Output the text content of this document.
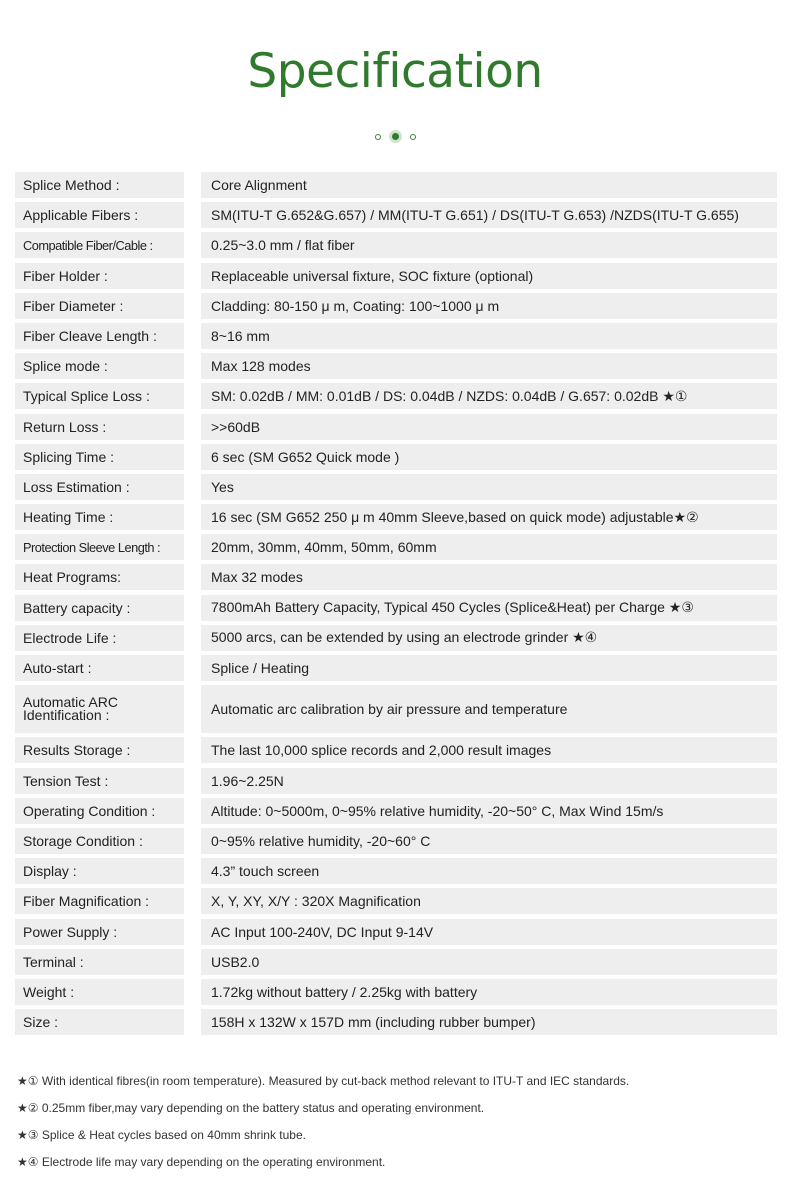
Specification
Splice Method :	Core Alignment
Applicable Fibers :	SM(ITU-T G.652&G.657) / MM(ITU-T G.651) / DS(ITU-T G.653) /NZDS(ITU-T G.655)
Compatible Fiber/Cable :	0.25~3.0 mm / flat fiber
Fiber Holder :	Replaceable universal fixture, SOC fixture (optional)
Fiber Diameter :	Cladding: 80-150 μ m, Coating: 100~1000 μ m
Fiber Cleave Length :	8~16 mm
Splice mode :	Max 128 modes
Typical Splice Loss :	SM: 0.02dB / MM: 0.01dB / DS: 0.04dB / NZDS: 0.04dB / G.657: 0.02dB ★①
Return Loss :	>>60dB
Splicing Time :	6 sec (SM G652 Quick mode )
Loss Estimation :	Yes
Heating Time :	16 sec (SM G652 250 μ m 40mm Sleeve,based on quick mode) adjustable★②
Protection Sleeve Length :	20mm, 30mm, 40mm, 50mm, 60mm
Heat Programs:	Max 32 modes
Battery capacity :	7800mAh Battery Capacity, Typical 450 Cycles (Splice&Heat) per Charge ★③
Electrode Life :	5000 arcs, can be extended by using an electrode grinder ★④
Auto-start :	Splice / Heating
Automatic ARC Identification :	Automatic arc calibration by air pressure and temperature
Results Storage :	The last 10,000 splice records and 2,000 result images
Tension Test :	1.96~2.25N
Operating Condition :	Altitude: 0~5000m, 0~95% relative humidity, -20~50° C, Max Wind 15m/s
Storage Condition :	0~95% relative humidity, -20~60° C
Display :	4.3” touch screen
Fiber Magnification :	X, Y, XY, X/Y : 320X Magnification
Power Supply :	AC Input 100-240V, DC Input 9-14V
Terminal :	USB2.0
Weight :	1.72kg without battery / 2.25kg with battery
Size :	158H x 132W x 157D mm (including rubber bumper)
★① With identical fibres(in room temperature). Measured by cut-back method relevant to ITU-T and IEC standards.
★② 0.25mm fiber,may vary depending on the battery status and operating environment.
★③ Splice & Heat cycles based on 40mm shrink tube.
★④ Electrode life may vary depending on the operating environment.
